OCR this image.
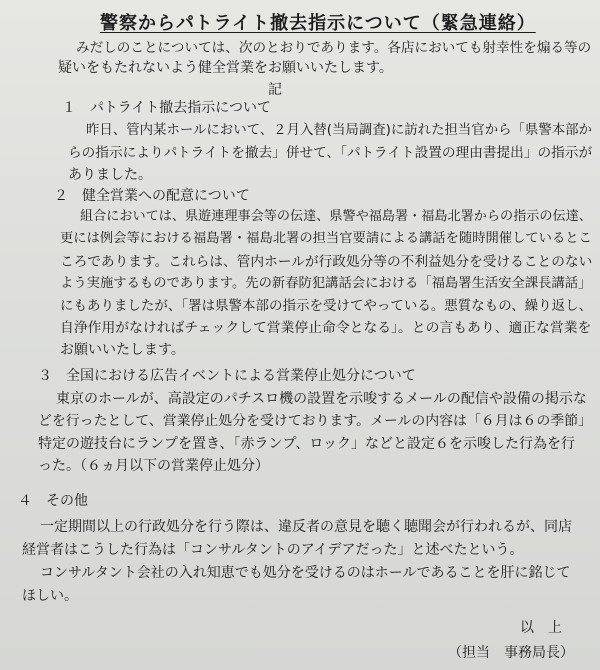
警察からパトライト撤去指示について（緊急連絡）
みだしのことについては、次のとおりであります。各店においても射幸性を煽る等の
疑いをもたれないよう健全営業をお願いいたします。
記
１　パトライト撤去指示について
昨日、管内某ホールにおいて、２月入替(当局調査)に訪れた担当官から「県警本部か
らの指示によりパトライトを撤去」併せて、「パトライト設置の理由書提出」の指示が
ありました。
２　健全営業への配意について
組合においては、県遊連理事会等の伝達、県警や福島署・福島北署からの指示の伝達、
更には例会等における福島署・福島北署の担当官要請による講話を随時開催しているとこ
ころであります。これらは、管内ホールが行政処分等の不利益処分を受けることのない
よう実施するものであります。先の新春防犯講話会における「福島署生活安全課長講話」
にもありましたが、「署は県警本部の指示を受けてやっている。悪質なもの、繰り返し、
自浄作用がなければチェックして営業停止命令となる」。との言もあり、適正な営業を
お願いいたします。
３　全国における広告イベントによる営業停止処分について
東京のホールが、高設定のパチスロ機の設置を示唆するメールの配信や設備の掲示な
どを行ったとして、営業停止処分を受けております。メールの内容は「６月は６の季節」
特定の遊技台にランプを置き、「赤ランプ、ロック」などと設定６を示唆した行為を行
った。（６ヵ月以下の営業停止処分）
４　その他
一定期間以上の行政処分を行う際は、違反者の意見を聴く聴聞会が行われるが、同店
経営者はこうした行為は「コンサルタントのアイデアだった」と述べたという。
コンサルタント会社の入れ知恵でも処分を受けるのはホールであることを肝に銘じて
ほしい。
以　上
（担当　事務局長）
